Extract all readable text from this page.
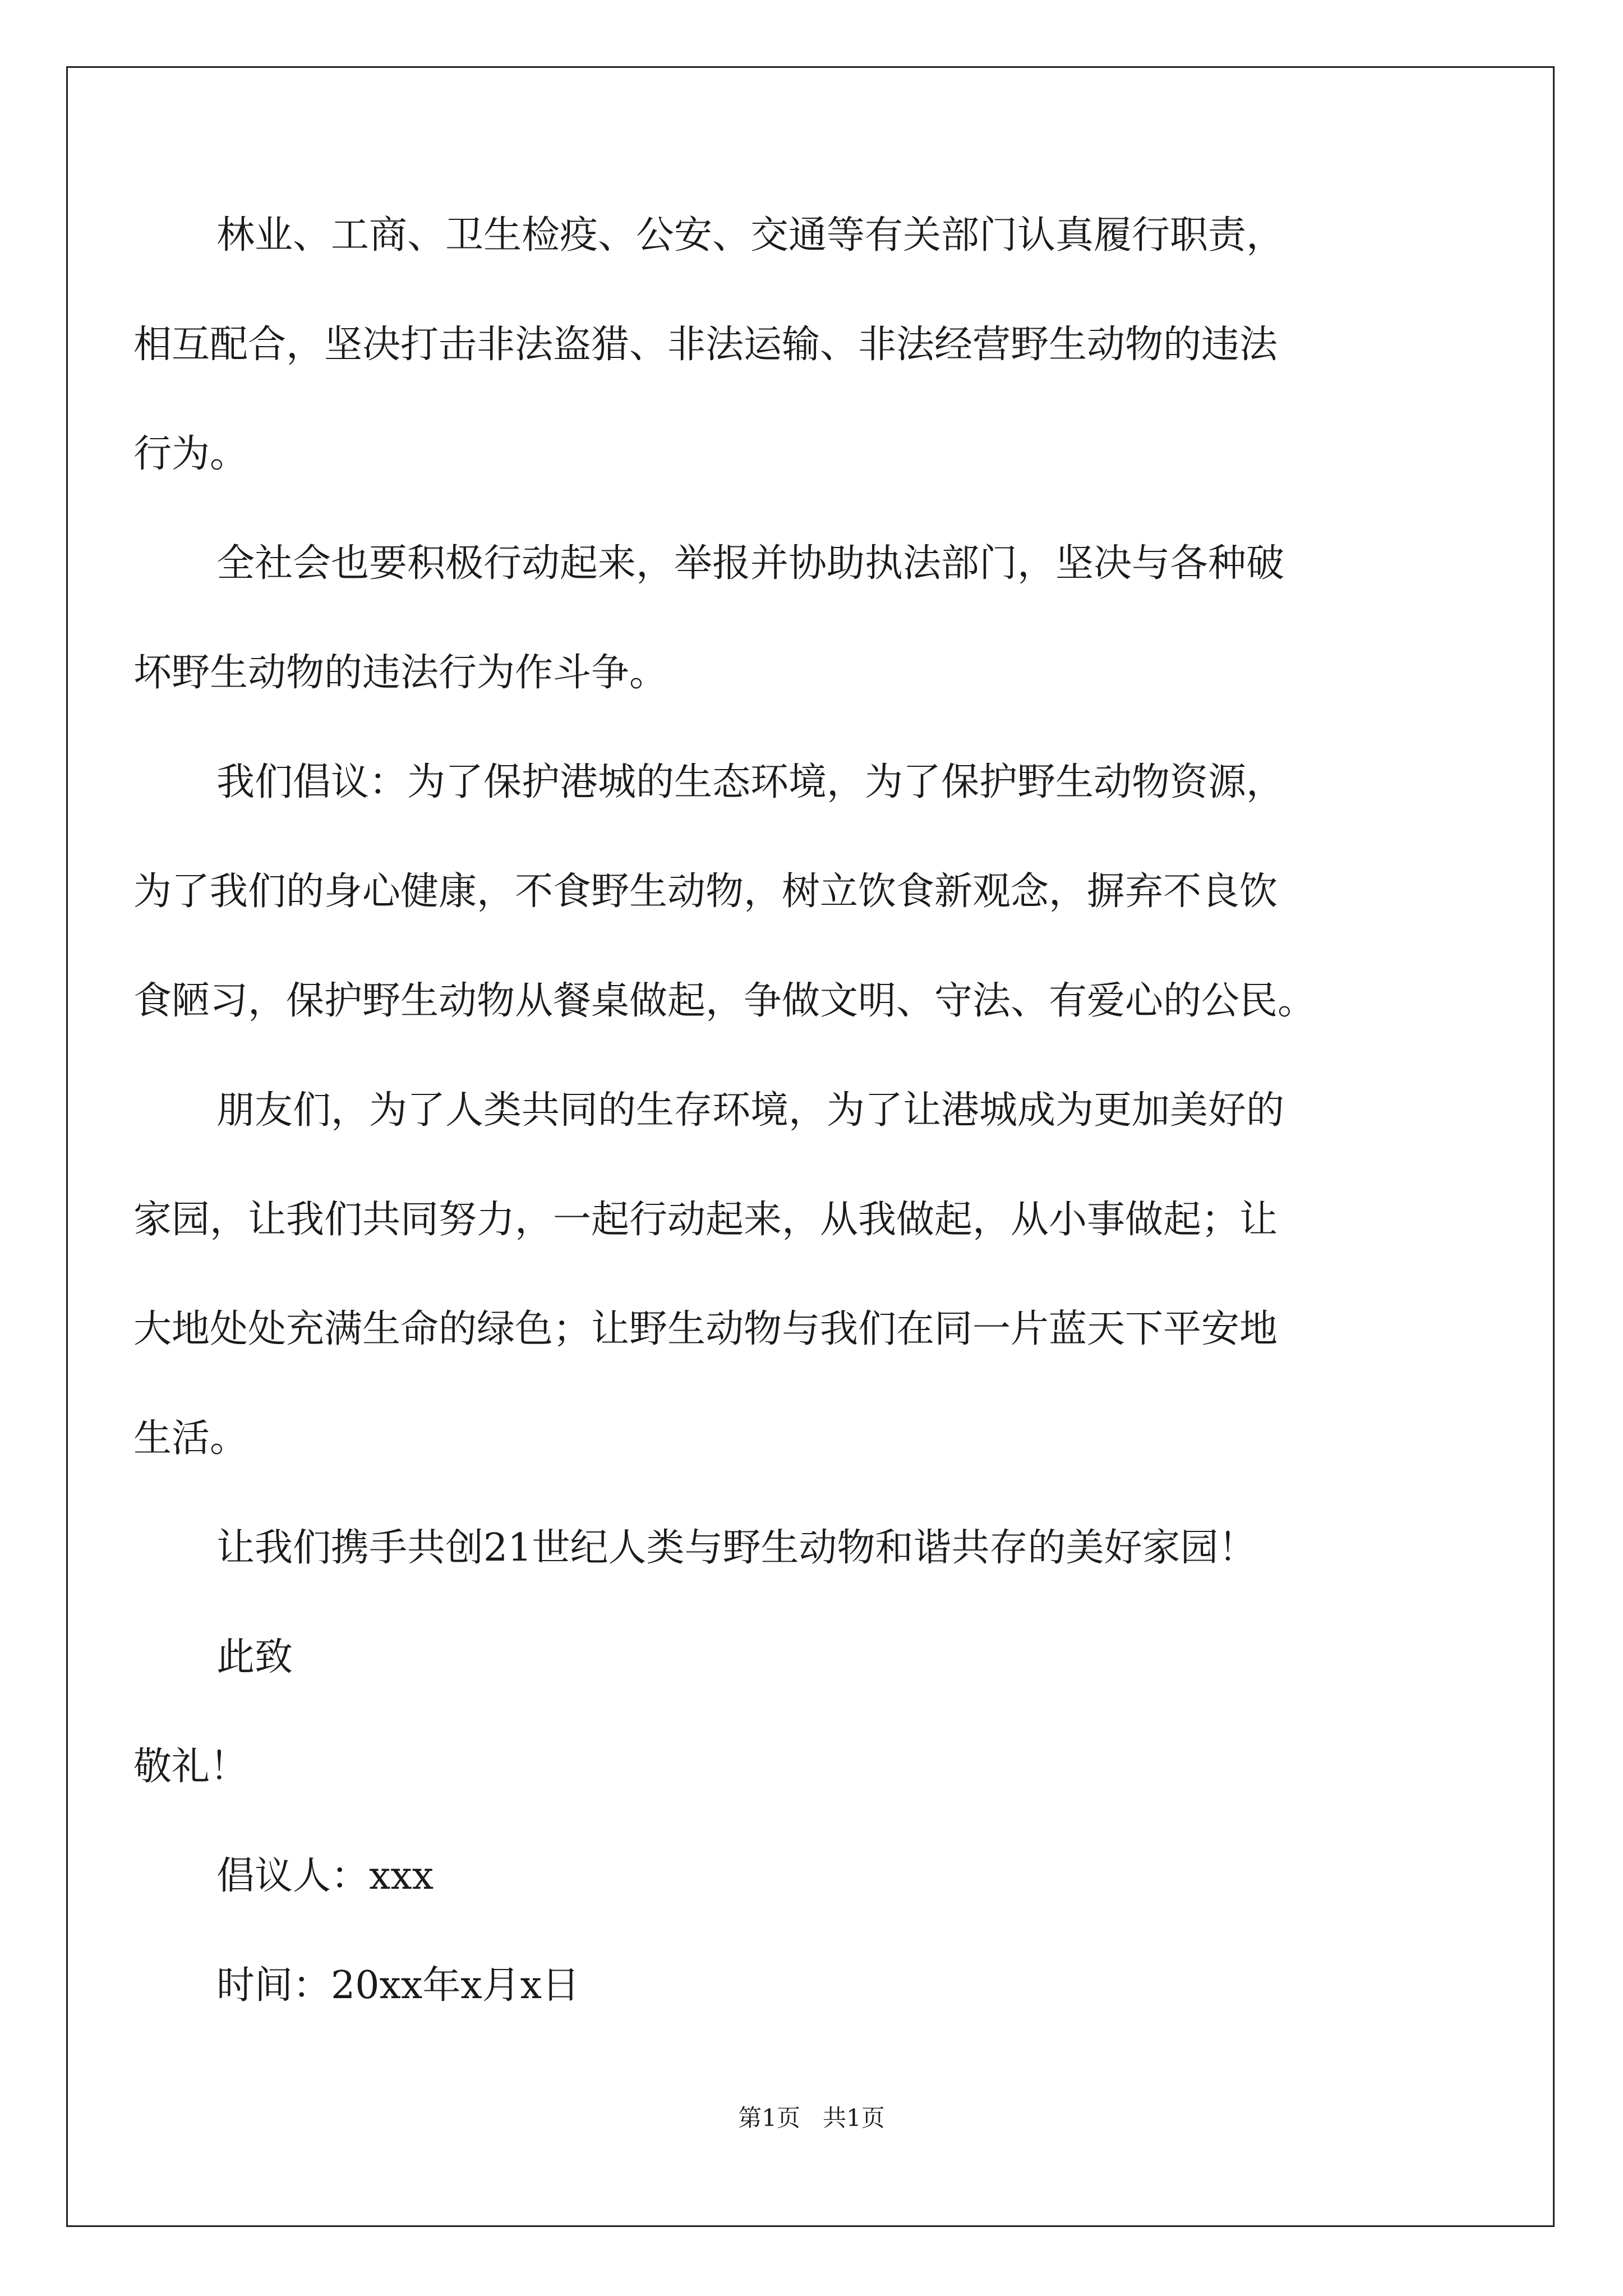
林业、工商、卫生检疫、公安、交通等有关部门认真履行职责，
相互配合，坚决打击非法盗猎、非法运输、非法经营野生动物的违法
行为。
全社会也要积极行动起来，举报并协助执法部门，坚决与各种破
坏野生动物的违法行为作斗争。
我们倡议：为了保护港城的生态环境，为了保护野生动物资源，
为了我们的身心健康，不食野生动物，树立饮食新观念，摒弃不良饮
食陋习，保护野生动物从餐桌做起，争做文明、守法、有爱心的公民。
朋友们，为了人类共同的生存环境，为了让港城成为更加美好的
家园，让我们共同努力，一起行动起来，从我做起，从小事做起；让
大地处处充满生命的绿色；让野生动物与我们在同一片蓝天下平安地
生活。
让我们携手共创21世纪人类与野生动物和谐共存的美好家园！
此致
敬礼！
倡议人：xxx
时间：20xx年x月x日
第1页   共1页
